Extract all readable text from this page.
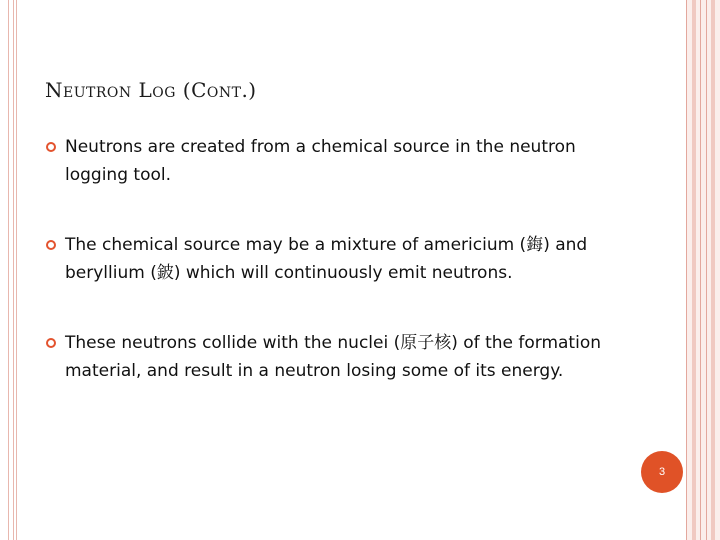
Neutron Log (Cont.)
Neutrons are created from a chemical source in the neutron logging tool.
The chemical source may be a mixture of americium (鋂) and beryllium (鈹) which will continuously emit neutrons.
These neutrons collide with the nuclei (原子核) of the formation material, and result in a neutron losing some of its energy.
3
